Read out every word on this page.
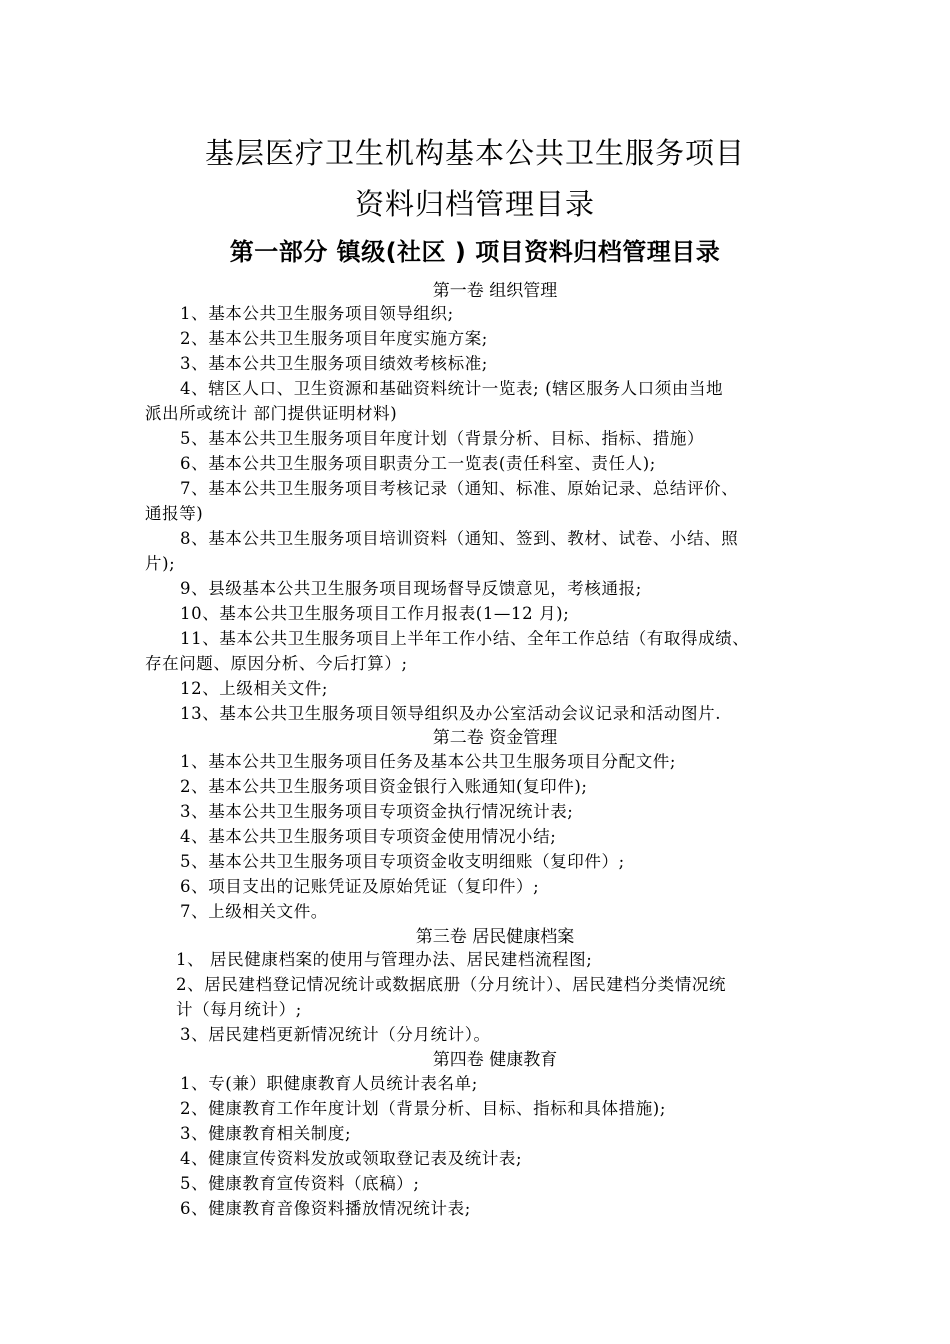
基层医疗卫生机构基本公共卫生服务项目
资料归档管理目录
第一部分 镇级(社区 ) 项目资料归档管理目录
第一卷 组织管理
1、基本公共卫生服务项目领导组织;
2、基本公共卫生服务项目年度实施方案;
3、基本公共卫生服务项目绩效考核标准;
4、辖区人口、卫生资源和基础资料统计一览表; (辖区服务人口须由当地
派出所或统计 部门提供证明材料)
5、基本公共卫生服务项目年度计划（背景分析、目标、指标、措施）
6、基本公共卫生服务项目职责分工一览表(责任科室、责任人);
7、基本公共卫生服务项目考核记录（通知、标准、原始记录、总结评价、
通报等)
8、基本公共卫生服务项目培训资料（通知、签到、教材、试卷、小结、照
片);
9、县级基本公共卫生服务项目现场督导反馈意见，考核通报;
10、基本公共卫生服务项目工作月报表(1—12 月);
11、基本公共卫生服务项目上半年工作小结、全年工作总结（有取得成绩、
存在问题、原因分析、今后打算）;
12、上级相关文件;
13、基本公共卫生服务项目领导组织及办公室活动会议记录和活动图片.
第二卷 资金管理
1、基本公共卫生服务项目任务及基本公共卫生服务项目分配文件;
2、基本公共卫生服务项目资金银行入账通知(复印件);
3、基本公共卫生服务项目专项资金执行情况统计表;
4、基本公共卫生服务项目专项资金使用情况小结;
5、基本公共卫生服务项目专项资金收支明细账（复印件）;
6、项目支出的记账凭证及原始凭证（复印件）;
7、上级相关文件。
第三卷 居民健康档案
1、 居民健康档案的使用与管理办法、居民建档流程图;
2、居民建档登记情况统计或数据底册（分月统计）、居民建档分类情况统
计（每月统计）;
3、居民建档更新情况统计（分月统计）。
第四卷 健康教育
1、专(兼）职健康教育人员统计表名单;
2、健康教育工作年度计划（背景分析、目标、指标和具体措施);
3、健康教育相关制度;
4、健康宣传资料发放或领取登记表及统计表;
5、健康教育宣传资料（底稿）;
6、健康教育音像资料播放情况统计表;
